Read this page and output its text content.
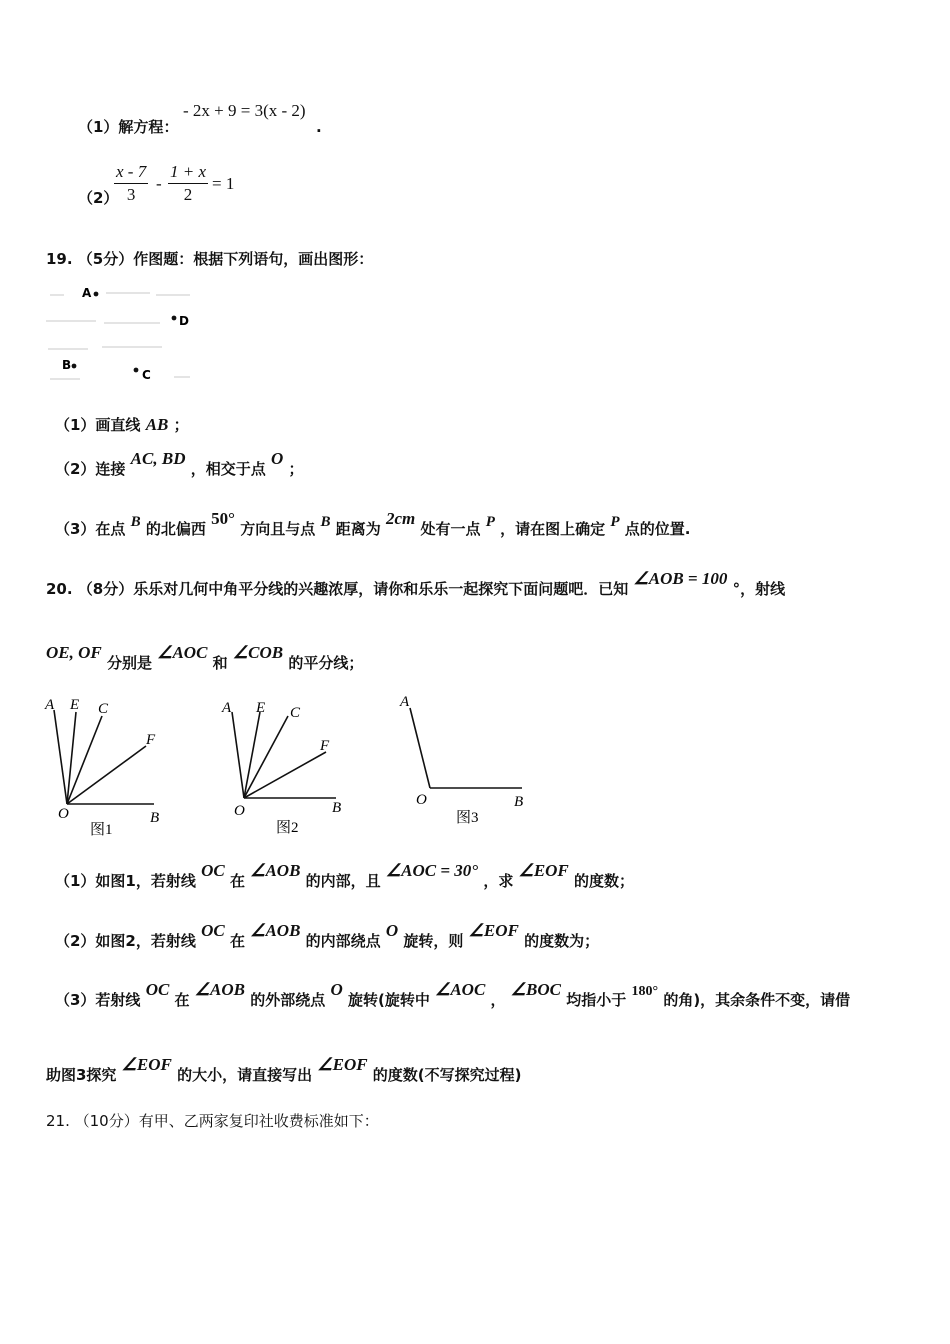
（1）解方程：
- 2x + 9 = 3(x - 2)
.
（2）
$\frac{x - 7}{3} - \frac{1 + x}{2} = 1$
19. （5分）作图题：根据下列语句，画出图形：
A
D
B
C
（1）画直线 AB ；
（2）连接 AC, BD ，相交于点 O ；
（3）在点 B 的北偏西 50° 方向且与点 B 距离为 2cm 处有一点 P ，请在图上确定 P 点的位置.
20. （8分）乐乐对几何中角平分线的兴趣浓厚，请你和乐乐一起探究下面问题吧．已知 ∠AOB = 100 °，射线
OE, OF 分别是 ∠AOC 和 ∠COB 的平分线；
A E C
F
O	B
图1
A E C
F
O	B
图2
A
O	B
图3
（1）如图1，若射线 OC 在 ∠AOB 的内部，且 ∠AOC = 30° ，求 ∠EOF 的度数；
（2）如图2，若射线 OC 在 ∠AOB 的内部绕点 O 旋转，则 ∠EOF 的度数为；
（3）若射线 OC 在 ∠AOB 的外部绕点 O 旋转(旋转中 ∠AOC ， ∠BOC 均指小于 180° 的角)，其余条件不变，请借
助图3探究 ∠EOF 的大小，请直接写出 ∠EOF 的度数(不写探究过程)
21. （10分）有甲、乙两家复印社收费标准如下：
